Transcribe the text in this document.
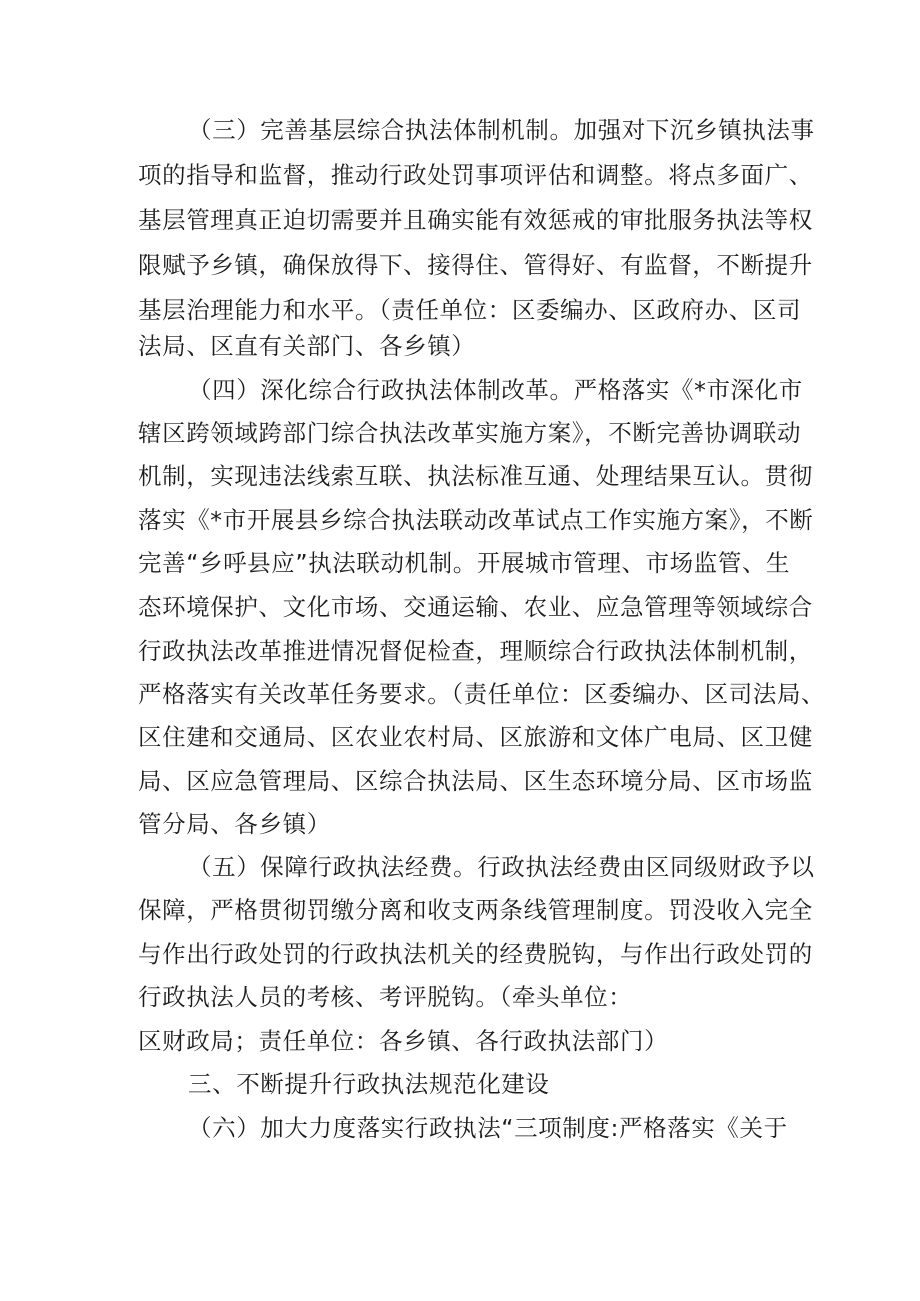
（三）完善基层综合执法体制机制。加强对下沉乡镇执法事
项的指导和监督，推动行政处罚事项评估和调整。将点多面广、
基层管理真正迫切需要并且确实能有效惩戒的审批服务执法等权
限赋予乡镇，确保放得下、接得住、管得好、有监督，不断提升
基层治理能力和水平。（责任单位：区委编办、区政府办、区司
法局、区直有关部门、各乡镇）
（四）深化综合行政执法体制改革。严格落实《*市深化市
辖区跨领域跨部门综合执法改革实施方案》，不断完善协调联动
机制，实现违法线索互联、执法标准互通、处理结果互认。贯彻
落实《*市开展县乡综合执法联动改革试点工作实施方案》，不断
完善“乡呼县应”执法联动机制。开展城市管理、市场监管、生
态环境保护、文化市场、交通运输、农业、应急管理等领域综合
行政执法改革推进情况督促检查，理顺综合行政执法体制机制，
严格落实有关改革任务要求。（责任单位：区委编办、区司法局、
区住建和交通局、区农业农村局、区旅游和文体广电局、区卫健
局、区应急管理局、区综合执法局、区生态环境分局、区市场监
管分局、各乡镇）
（五）保障行政执法经费。行政执法经费由区同级财政予以
保障，严格贯彻罚缴分离和收支两条线管理制度。罚没收入完全
与作出行政处罚的行政执法机关的经费脱钩，与作出行政处罚的
行政执法人员的考核、考评脱钩。（牵头单位：
区财政局；责任单位：各乡镇、各行政执法部门）
三、不断提升行政执法规范化建设
（六）加大力度落实行政执法“三项制度:严格落实《关于
